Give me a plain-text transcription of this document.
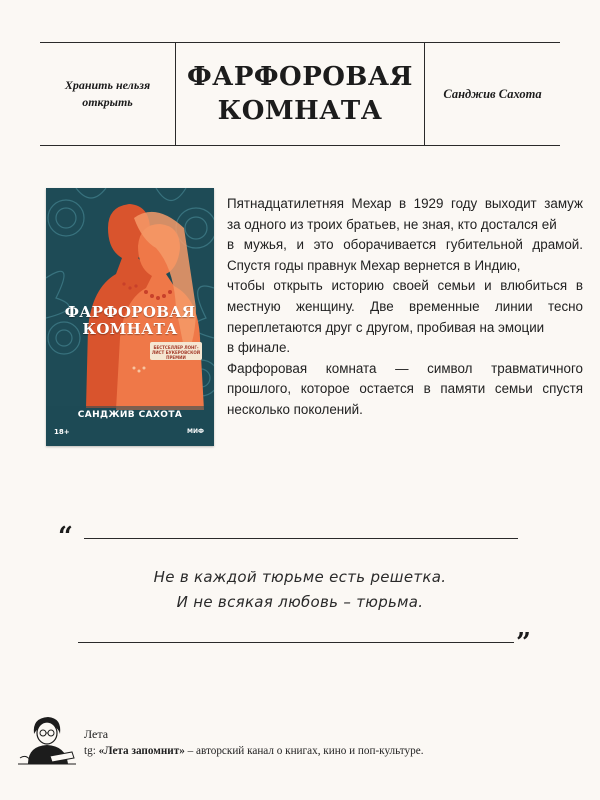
Хранить нельзя открыть
ФАРФОРОВАЯ КОМНАТА
Санджив Сахота
ФАРФОРОВАЯ
КОМНАТА
БЕСТСЕЛЛЕР ЛОНГ-ЛИСТ БУКЕРОВСКОЙ ПРЕМИИ
САНДЖИВ САХОТА
18+	МИФ
Пятнадцатилетняя Мехар в 1929 году выходит замуж
за одного из троих братьев, не зная, кто достался ей
в мужья, и это оборачивается губительной драмой.
Спустя годы правнук Мехар вернется в Индию,
чтобы открыть историю своей семьи и влюбиться в
местную женщину. Две временные линии тесно
переплетаются друг с другом, пробивая на эмоции
в финале.
Фарфоровая комната — символ травматичного
прошлого, которое остается в памяти семьи спустя
несколько поколений.
“
Не в каждой тюрьме есть решетка.
И не всякая любовь – тюрьма.
”
Лета
tg: «Лета запомнит» – авторский канал о книгах, кино и поп-культуре.
